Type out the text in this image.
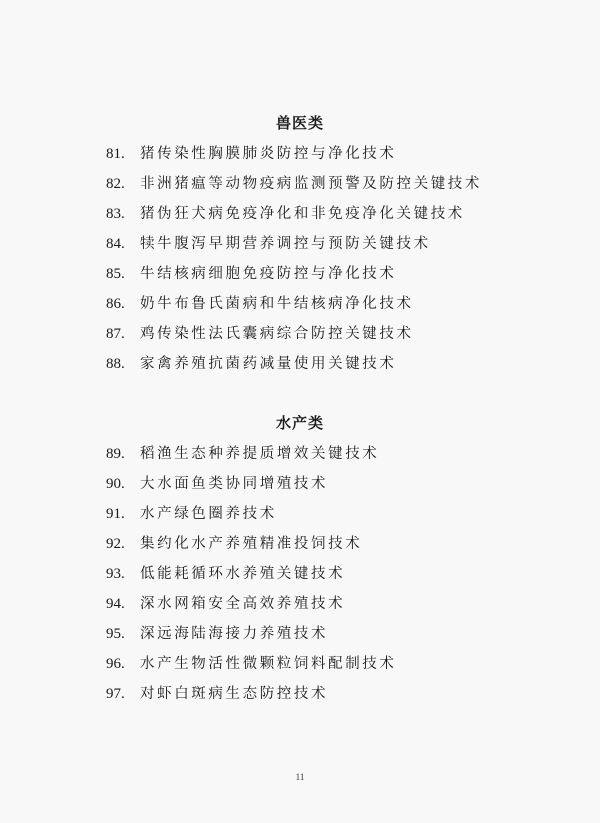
兽医类
81.	猪传染性胸膜肺炎防控与净化技术
82.	非洲猪瘟等动物疫病监测预警及防控关键技术
83.	猪伪狂犬病免疫净化和非免疫净化关键技术
84.	犊牛腹泻早期营养调控与预防关键技术
85.	牛结核病细胞免疫防控与净化技术
86.	奶牛布鲁氏菌病和牛结核病净化技术
87.	鸡传染性法氏囊病综合防控关键技术
88.	家禽养殖抗菌药减量使用关键技术
水产类
89.	稻渔生态种养提质增效关键技术
90.	大水面鱼类协同增殖技术
91.	水产绿色圈养技术
92.	集约化水产养殖精准投饲技术
93.	低能耗循环水养殖关键技术
94.	深水网箱安全高效养殖技术
95.	深远海陆海接力养殖技术
96.	水产生物活性微颗粒饲料配制技术
97.	对虾白斑病生态防控技术
11
